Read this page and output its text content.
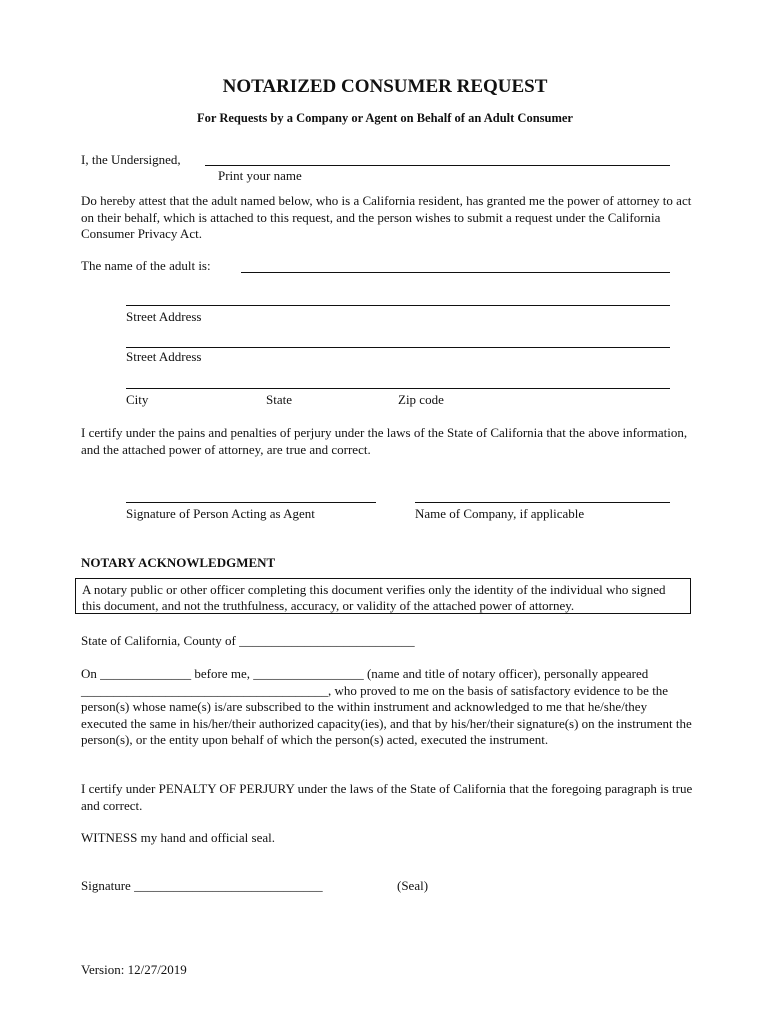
NOTARIZED CONSUMER REQUEST
For Requests by a Company or Agent on Behalf of an Adult Consumer
I, the Undersigned,
Print your name
Do hereby attest that the adult named below, who is a California resident, has granted me the power of attorney to act on their behalf, which is attached to this request, and the person wishes to submit a request under the California Consumer Privacy Act.
The name of the adult is:
Street Address
Street Address
City	State	Zip code
I certify under the pains and penalties of perjury under the laws of the State of California that the above information, and the attached power of attorney, are true and correct.
Signature of Person Acting as Agent	Name of Company, if applicable
NOTARY ACKNOWLEDGMENT
A notary public or other officer completing this document verifies only the identity of the individual who signed this document, and not the truthfulness, accuracy, or validity of the attached power of attorney.
State of California, County of ___________________________
On ______________ before me, _________________ (name and title of notary officer), personally appeared ______________________________________, who proved to me on the basis of satisfactory evidence to be the person(s) whose name(s) is/are subscribed to the within instrument and acknowledged to me that he/she/they executed the same in his/her/their authorized capacity(ies), and that by his/her/their signature(s) on the instrument the person(s), or the entity upon behalf of which the person(s) acted, executed the instrument.
I certify under PENALTY OF PERJURY under the laws of the State of California that the foregoing paragraph is true and correct.
WITNESS my hand and official seal.
Signature _____________________________	(Seal)
Version: 12/27/2019
